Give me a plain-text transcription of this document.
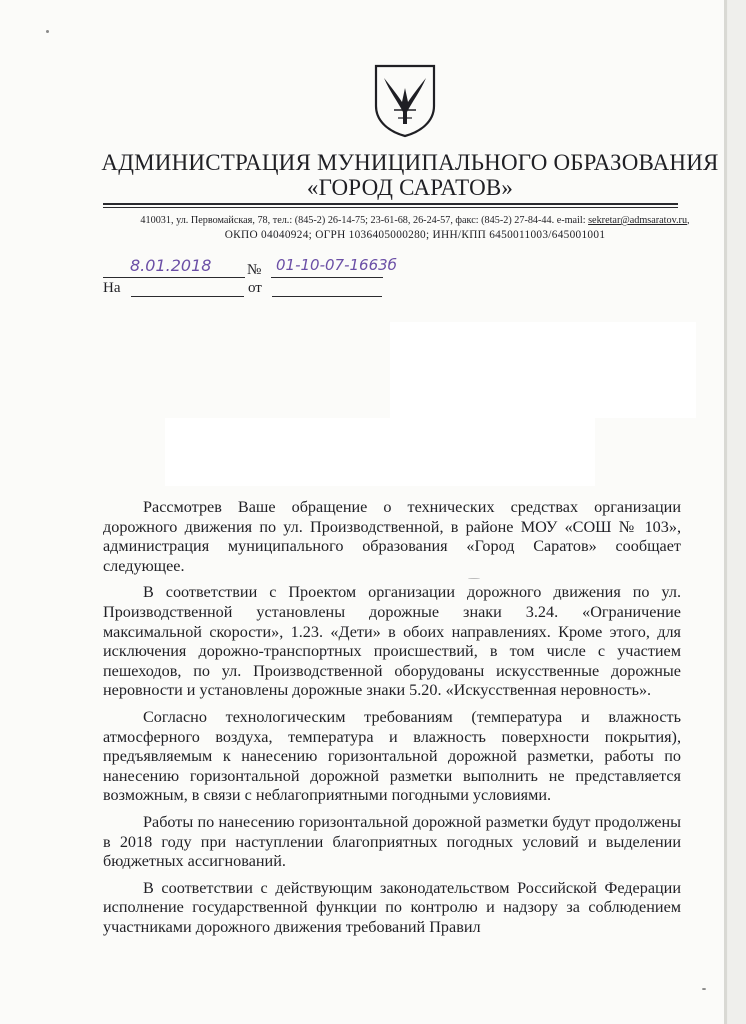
АДМИНИСТРАЦИЯ МУНИЦИПАЛЬНОГО ОБРАЗОВАНИЯ
«ГОРОД САРАТОВ»
410031, ул. Первомайская, 78, тел.: (845-2) 26-14-75; 23-61-68, 26-24-57, факс: (845-2) 27-84-44. e-mail: sekretar@admsaratov.ru,
ОКПО 04040924; ОГРН 1036405000280; ИНН/КПП 6450011003/645001001
8.01.2018 № 01-10-07-1663б
На	от

Рассмотрев Ваше обращение о технических средствах организации дорожного движения по ул. Производственной, в районе МОУ «СОШ № 103», администрация муниципального образования «Город Саратов» сообщает следующее.

В соответствии с Проектом организации дорожного движения по ул. Производственной установлены дорожные знаки 3.24. «Ограничение максимальной скорости», 1.23. «Дети» в обоих направлениях. Кроме этого, для исключения дорожно-транспортных происшествий, в том числе с участием пешеходов, по ул. Производственной оборудованы искусственные дорожные неровности и установлены дорожные знаки 5.20. «Искусственная неровность».

Согласно технологическим требованиям (температура и влажность атмосферного воздуха, температура и влажность поверхности покрытия), предъявляемым к нанесению горизонтальной дорожной разметки, работы по нанесению горизонтальной дорожной разметки выполнить не представляется возможным, в связи с неблагоприятными погодными условиями.

Работы по нанесению горизонтальной дорожной разметки будут продолжены в 2018 году при наступлении благоприятных погодных условий и выделении бюджетных ассигнований.

В соответствии с действующим законодательством Российской Федерации исполнение государственной функции по контролю и надзору за соблюдением участниками дорожного движения требований Правил
